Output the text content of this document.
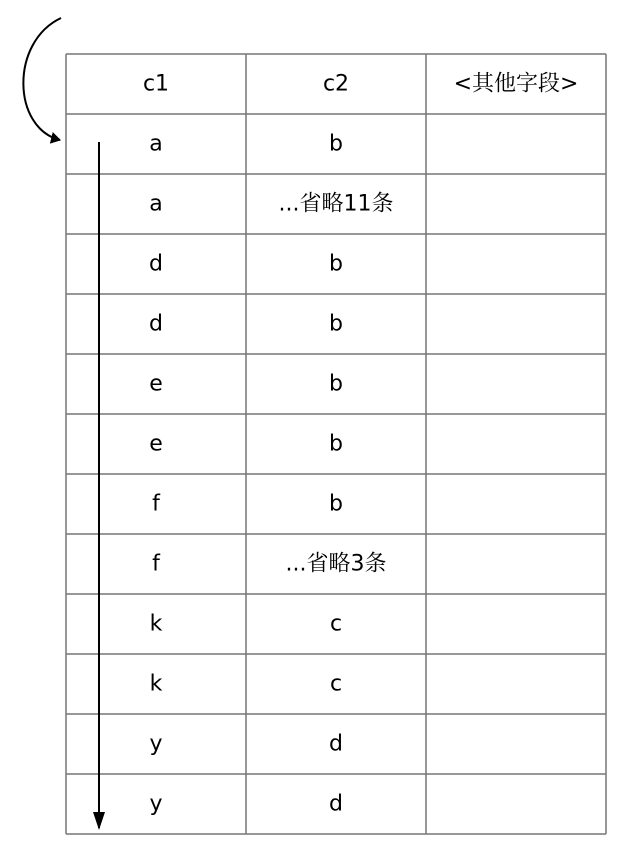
c1	c2	<其他字段>
a	b
a	...省略11条
d	b
d	b
e	b
e	b
f	b
f	...省略3条
k	c
k	c
y	d
y	d
